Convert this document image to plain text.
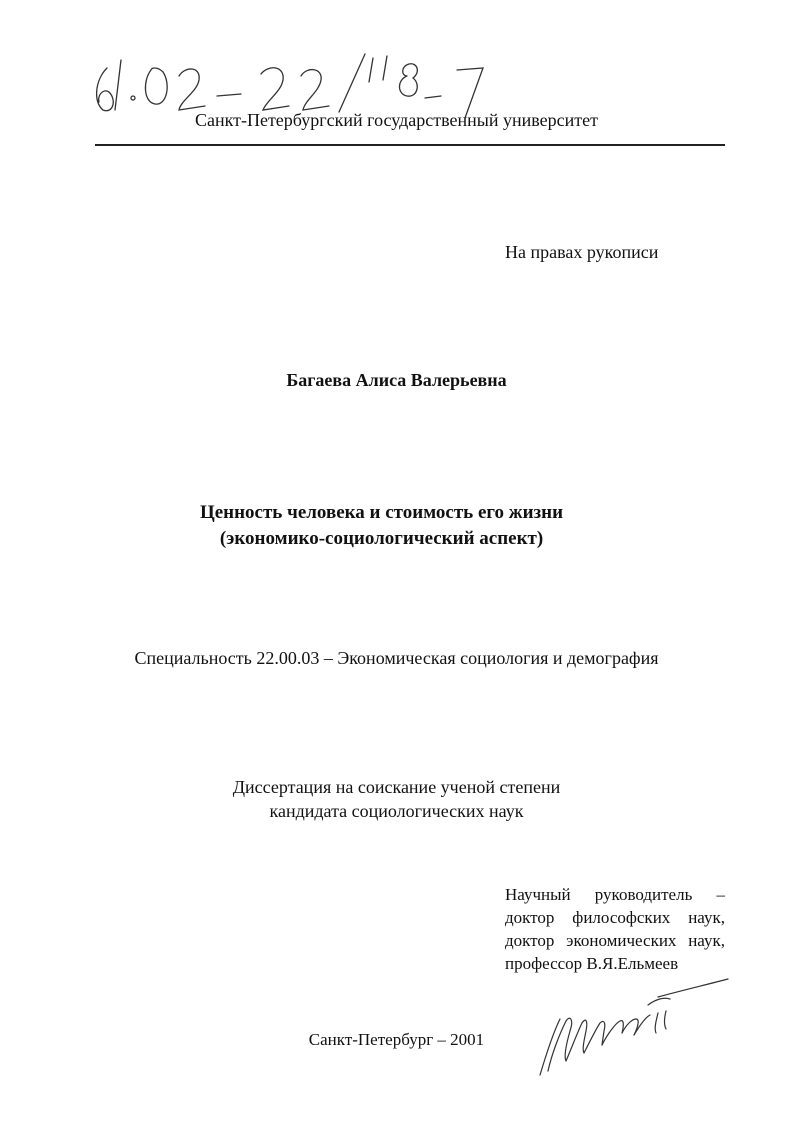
Санкт-Петербургский государственный университет
На правах рукописи
Багаева Алиса Валерьевна
Ценность человека и стоимость его жизни
(экономико-социологический аспект)
Специальность 22.00.03 – Экономическая социология и демография
Диссертация на соискание ученой степени
кандидата социологических наук
Научный руководитель –
доктор философских наук,
доктор экономических наук,
профессор В.Я.Ельмеев
Санкт-Петербург – 2001
